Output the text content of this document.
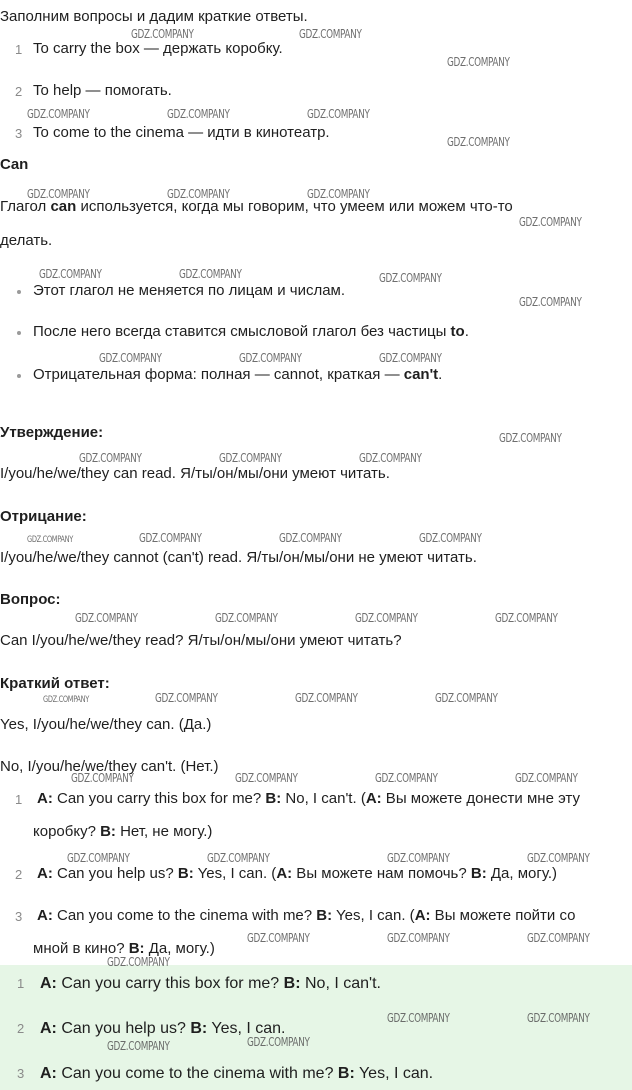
Заполним вопросы и дадим краткие ответы.
1 To carry the box — держать коробку.
2 To help — помогать.
3 To come to the cinema — идти в кинотеатр.
Can
Глагол can используется, когда мы говорим, что умеем или можем что-то
делать.
Этот глагол не меняется по лицам и числам.
После него всегда ставится смысловой глагол без частицы to.
Отрицательная форма: полная — cannot, краткая — can't.
Утверждение:
I/you/he/we/they can read. Я/ты/он/мы/они умеют читать.
Отрицание:
I/you/he/we/they cannot (can't) read. Я/ты/он/мы/они не умеют читать.
Вопрос:
Can I/you/he/we/they read? Я/ты/он/мы/они умеют читать?
Краткий ответ:
Yes, I/you/he/we/they can. (Да.)
No, I/you/he/we/they can't. (Нет.)
1 A: Can you carry this box for me? B: No, I can't. (A: Вы можете донести мне эту
коробку? B: Нет, не могу.)
2 A: Can you help us? B: Yes, I can. (A: Вы можете нам помочь? B: Да, могу.)
3 A: Can you come to the cinema with me? B: Yes, I can. (A: Вы можете пойти со
мной в кино? B: Да, могу.)
1 A: Can you carry this box for me? B: No, I can't.
2 A: Can you help us? B: Yes, I can.
3 A: Can you come to the cinema with me? B: Yes, I can.
GDZ.COMPANY	GDZ.COMPANY
GDZ.COMPANY
GDZ.COMPANY	GDZ.COMPANY	GDZ.COMPANY
GDZ.COMPANY
GDZ.COMPANY	GDZ.COMPANY	GDZ.COMPANY
GDZ.COMPANY
GDZ.COMPANY	GDZ.COMPANY	GDZ.COMPANY
GDZ.COMPANY
GDZ.COMPANY	GDZ.COMPANY	GDZ.COMPANY
GDZ.COMPANY
GDZ.COMPANY	GDZ.COMPANY	GDZ.COMPANY
GDZ.COMPANY	GDZ.COMPANY	GDZ.COMPANY	GDZ.COMPANY
GDZ.COMPANY	GDZ.COMPANY	GDZ.COMPANY	GDZ.COMPANY
GDZ.COMPANY	GDZ.COMPANY	GDZ.COMPANY	GDZ.COMPANY
GDZ.COMPANY	GDZ.COMPANY	GDZ.COMPANY	GDZ.COMPANY
GDZ.COMPANY	GDZ.COMPANY	GDZ.COMPANY	GDZ.COMPANY
GDZ.COMPANY	GDZ.COMPANY	GDZ.COMPANY
GDZ.COMPANY
GDZ.COMPANY	GDZ.COMPANY
GDZ.COMPANY	GDZ.COMPANY
